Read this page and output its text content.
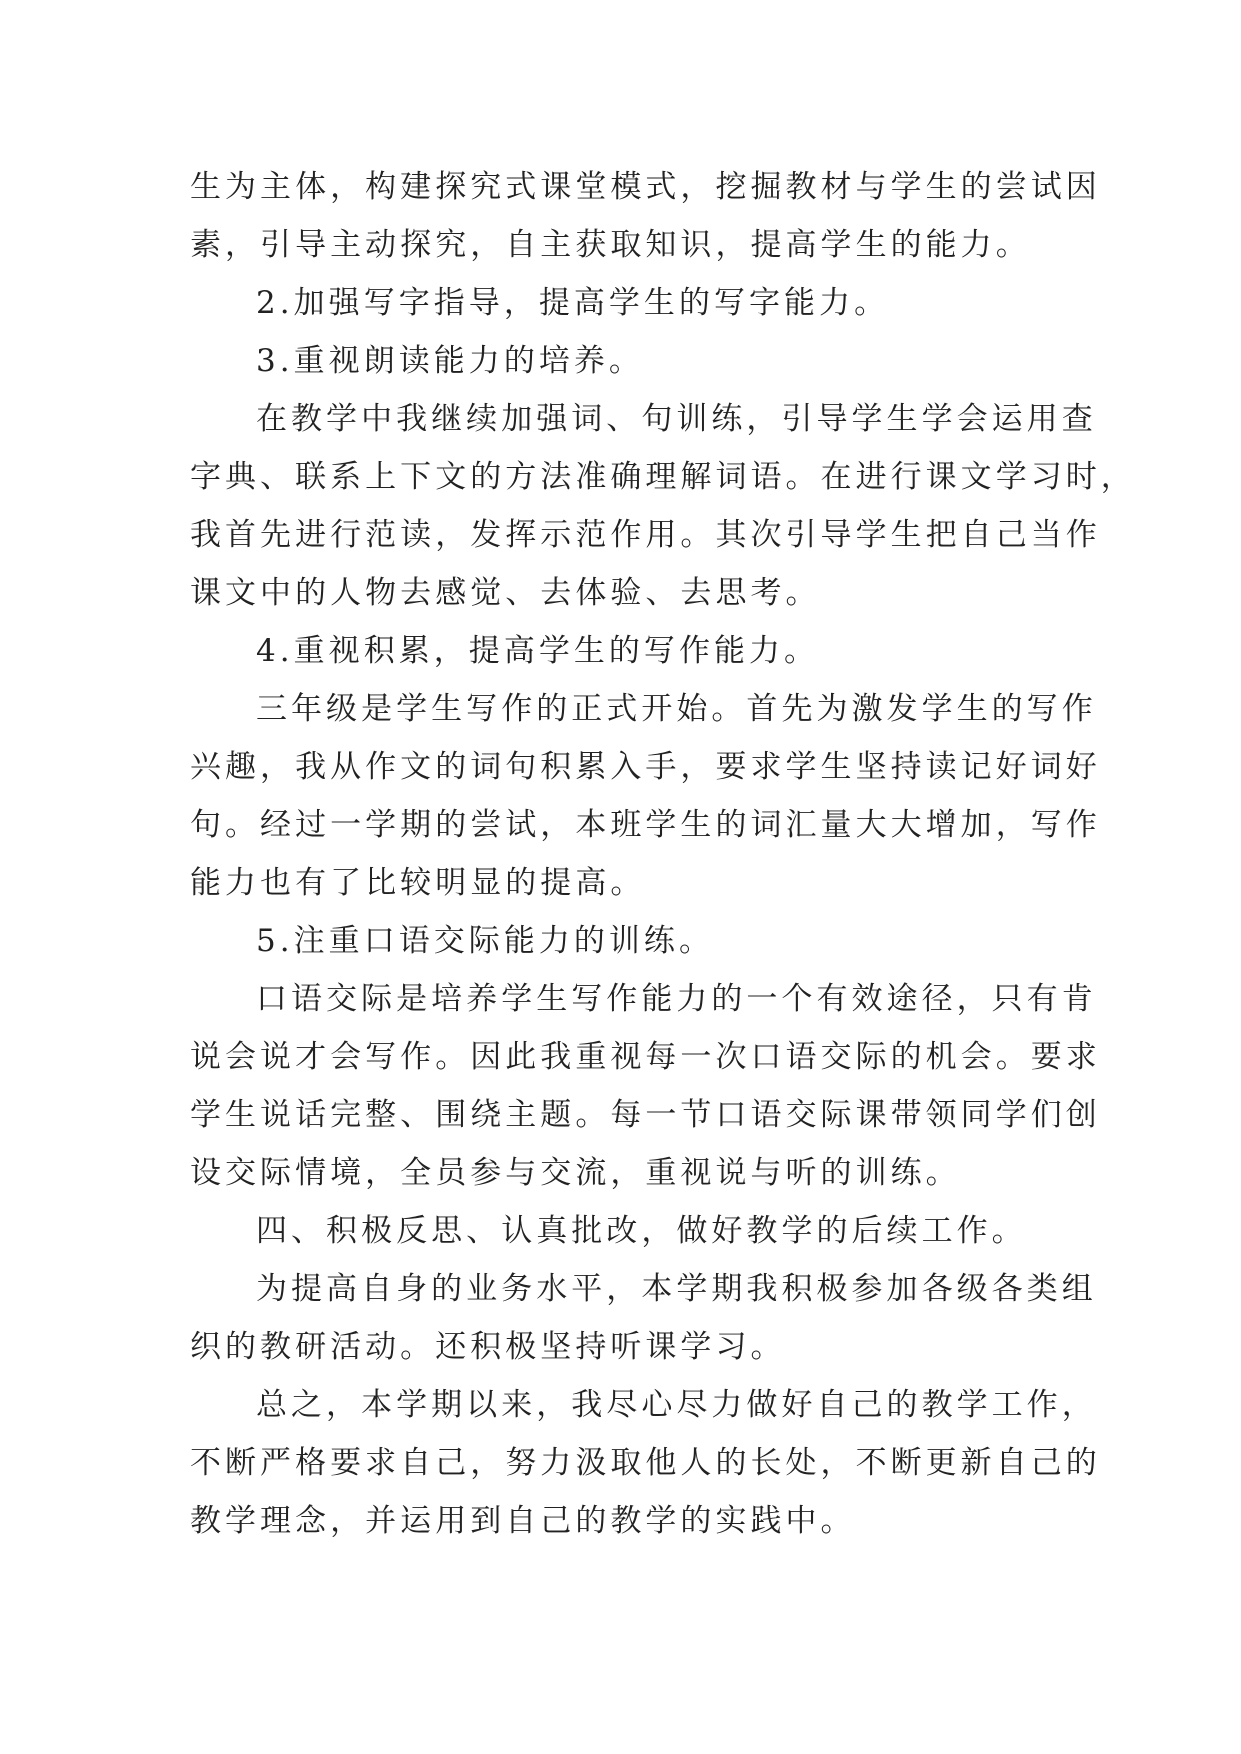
生为主体，构建探究式课堂模式，挖掘教材与学生的尝试因
素，引导主动探究，自主获取知识，提高学生的能力。
2.加强写字指导，提高学生的写字能力。
3.重视朗读能力的培养。
在教学中我继续加强词、句训练，引导学生学会运用查
字典、联系上下文的方法准确理解词语。在进行课文学习时，
我首先进行范读，发挥示范作用。其次引导学生把自己当作
课文中的人物去感觉、去体验、去思考。
4.重视积累，提高学生的写作能力。
三年级是学生写作的正式开始。首先为激发学生的写作
兴趣，我从作文的词句积累入手，要求学生坚持读记好词好
句。经过一学期的尝试，本班学生的词汇量大大增加，写作
能力也有了比较明显的提高。
5.注重口语交际能力的训练。
口语交际是培养学生写作能力的一个有效途径，只有肯
说会说才会写作。因此我重视每一次口语交际的机会。要求
学生说话完整、围绕主题。每一节口语交际课带领同学们创
设交际情境，全员参与交流，重视说与听的训练。
四、积极反思、认真批改，做好教学的后续工作。
为提高自身的业务水平，本学期我积极参加各级各类组
织的教研活动。还积极坚持听课学习。
总之，本学期以来，我尽心尽力做好自己的教学工作，
不断严格要求自己，努力汲取他人的长处，不断更新自己的
教学理念，并运用到自己的教学的实践中。
